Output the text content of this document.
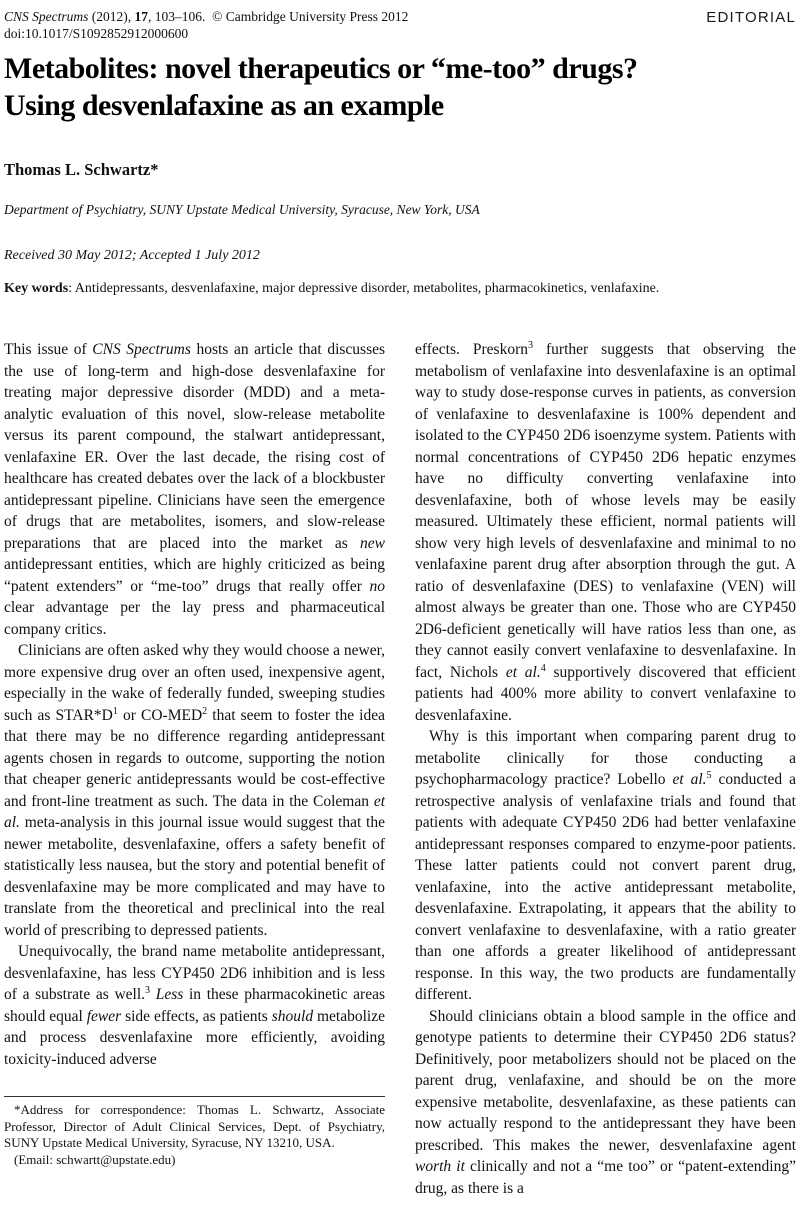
CNS Spectrums (2012), 17, 103–106.  © Cambridge University Press 2012
doi:10.1017/S1092852912000600
EDITORIAL
Metabolites: novel therapeutics or “me-too” drugs?
Using desvenlafaxine as an example
Thomas L. Schwartz*
Department of Psychiatry, SUNY Upstate Medical University, Syracuse, New York, USA
Received 30 May 2012; Accepted 1 July 2012
Key words: Antidepressants, desvenlafaxine, major depressive disorder, metabolites, pharmacokinetics, venlafaxine.

This issue of CNS Spectrums hosts an article that discusses the use of long-term and high-dose desvenlafaxine for treating major depressive disorder (MDD) and a meta-analytic evaluation of this novel, slow-release metabolite versus its parent compound, the stalwart antidepressant, venlafaxine ER. Over the last decade, the rising cost of healthcare has created debates over the lack of a blockbuster antidepressant pipeline. Clinicians have seen the emergence of drugs that are metabolites, isomers, and slow-release preparations that are placed into the market as new antidepressant entities, which are highly criticized as being “patent extenders” or “me-too” drugs that really offer no clear advantage per the lay press and pharmaceutical company critics.

Clinicians are often asked why they would choose a newer, more expensive drug over an often used, inexpensive agent, especially in the wake of federally funded, sweeping studies such as $STAR*D^1$ or CO-MED$^2$ that seem to foster the idea that there may be no difference regarding antidepressant agents chosen in regards to outcome, supporting the notion that cheaper generic antidepressants would be cost-effective and front-line treatment as such. The data in the Coleman et al. meta-analysis in this journal issue would suggest that the newer metabolite, desvenlafaxine, offers a safety benefit of statistically less nausea, but the story and potential benefit of desvenlafaxine may be more complicated and may have to translate from the theoretical and preclinical into the real world of prescribing to depressed patients.

Unequivocally, the brand name metabolite antidepressant, desvenlafaxine, has less CYP450 2D6 inhibition and is less of a substrate as well.$^3$ Less in these pharmacokinetic areas should equal fewer side effects, as patients should metabolize and process desvenlafaxine more efficiently, avoiding toxicity-induced adverse

*Address for correspondence: Thomas L. Schwartz, Associate Professor, Director of Adult Clinical Services, Dept. of Psychiatry, SUNY Upstate Medical University, Syracuse, NY 13210, USA.

(Email: schwartt@upstate.edu)

effects. Preskorn$^3$ further suggests that observing the metabolism of venlafaxine into desvenlafaxine is an optimal way to study dose-response curves in patients, as conversion of venlafaxine to desvenlafaxine is 100% dependent and isolated to the CYP450 2D6 isoenzyme system. Patients with normal concentrations of CYP450 2D6 hepatic enzymes have no difficulty converting venlafaxine into desvenlafaxine, both of whose levels may be easily measured. Ultimately these efficient, normal patients will show very high levels of desvenlafaxine and minimal to no venlafaxine parent drug after absorption through the gut. A ratio of desvenlafaxine (DES) to venlafaxine (VEN) will almost always be greater than one. Those who are CYP450 2D6-deficient genetically will have ratios less than one, as they cannot easily convert venlafaxine to desvenlafaxine. In fact, Nichols et al.$^4$ supportively discovered that efficient patients had 400% more ability to convert venlafaxine to desvenlafaxine.

Why is this important when comparing parent drug to metabolite clinically for those conducting a psychopharmacology practice? Lobello et al.$^5$ conducted a retrospective analysis of venlafaxine trials and found that patients with adequate CYP450 2D6 had better venlafaxine antidepressant responses compared to enzyme-poor patients. These latter patients could not convert parent drug, venlafaxine, into the active antidepressant metabolite, desvenlafaxine. Extrapolating, it appears that the ability to convert venlafaxine to desvenlafaxine, with a ratio greater than one affords a greater likelihood of antidepressant response. In this way, the two products are fundamentally different.

Should clinicians obtain a blood sample in the office and genotype patients to determine their CYP450 2D6 status? Definitively, poor metabolizers should not be placed on the parent drug, venlafaxine, and should be on the more expensive metabolite, desvenlafaxine, as these patients can now actually respond to the antidepressant they have been prescribed. This makes the newer, desvenlafaxine agent worth it clinically and not a “me too” or “patent-extending” drug, as there is a
